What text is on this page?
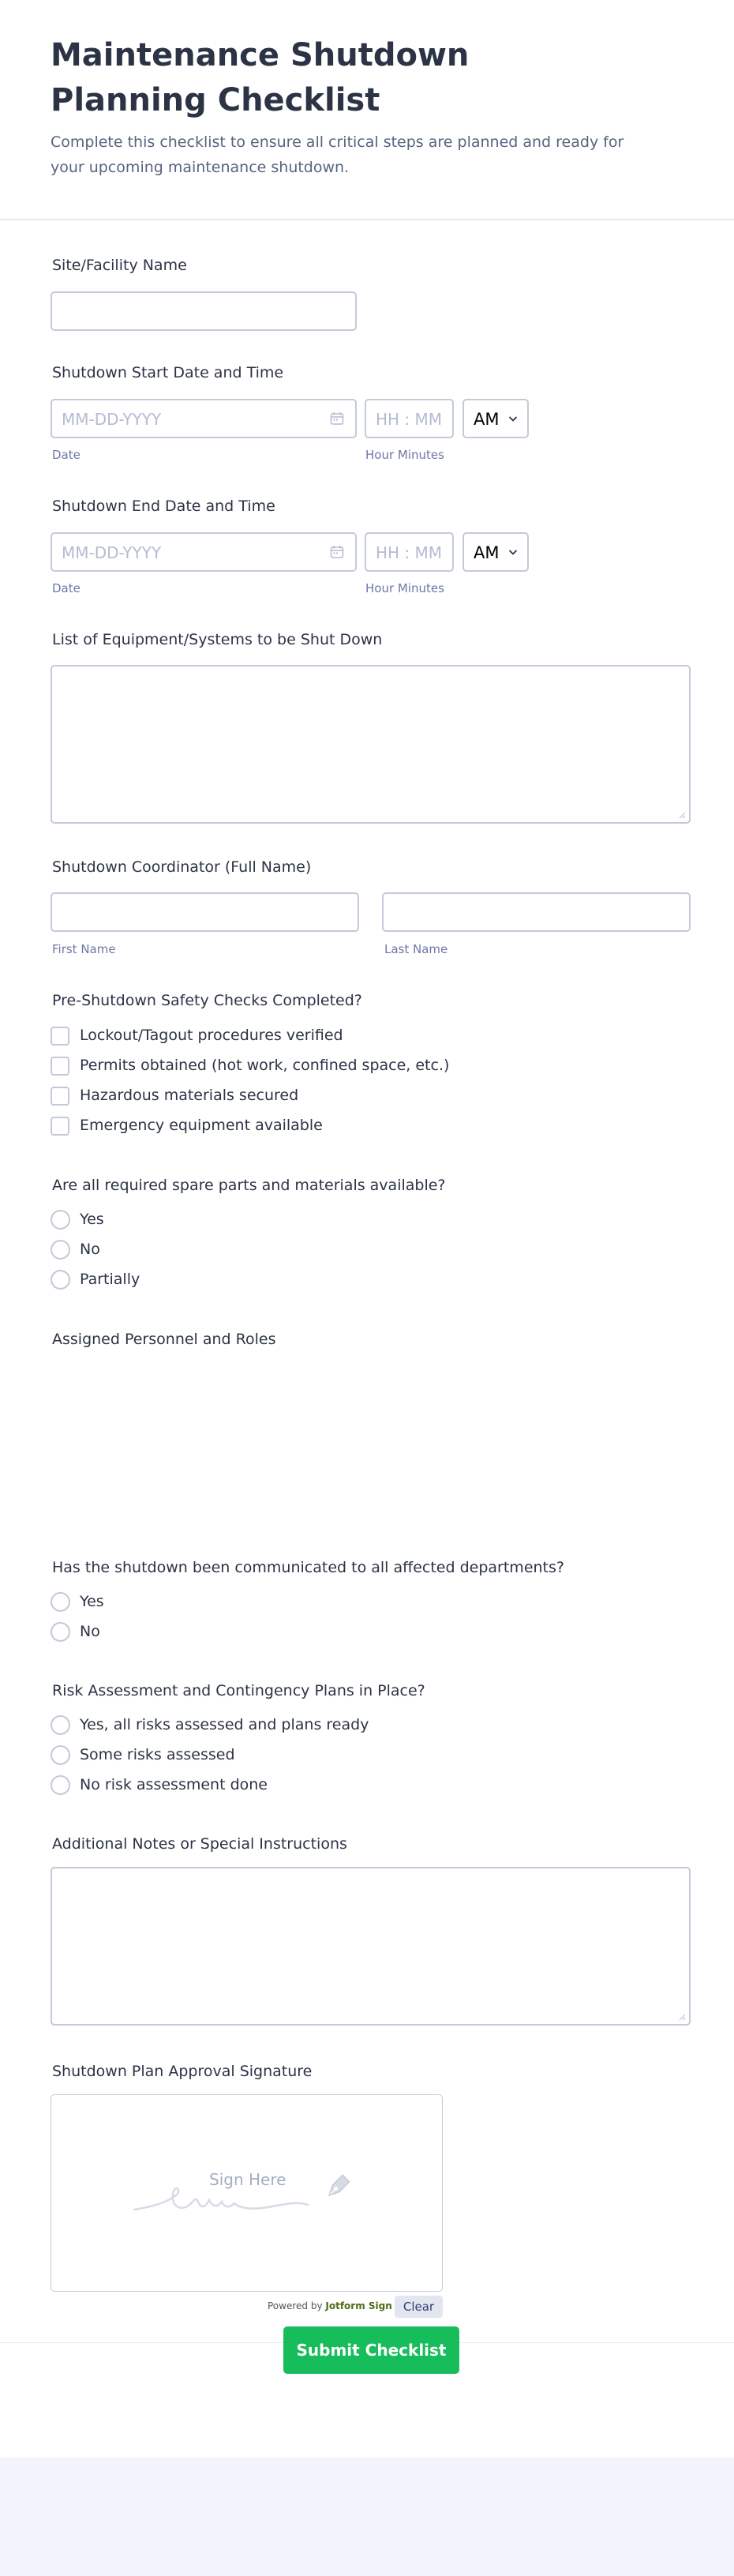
Maintenance Shutdown Planning Checklist
Complete this checklist to ensure all critical steps are planned and ready for your upcoming maintenance shutdown.
Site/Facility Name
Shutdown Start Date and Time
MM-DD-YYYY	HH : MM AM
Date	Hour Minutes
Shutdown End Date and Time
MM-DD-YYYY	HH : MM AM
Date	Hour Minutes
List of Equipment/Systems to be Shut Down
Shutdown Coordinator (Full Name)
First Name	Last Name
Pre-Shutdown Safety Checks Completed?
Lockout/Tagout procedures verified
Permits obtained (hot work, confined space, etc.)
Hazardous materials secured
Emergency equipment available
Are all required spare parts and materials available?
Yes
No
Partially
Assigned Personnel and Roles
Has the shutdown been communicated to all affected departments?
Yes
No
Risk Assessment and Contingency Plans in Place?
Yes, all risks assessed and plans ready
Some risks assessed
No risk assessment done
Additional Notes or Special Instructions
Shutdown Plan Approval Signature
Sign Here
Powered by Jotform Sign Clear
Submit Checklist
